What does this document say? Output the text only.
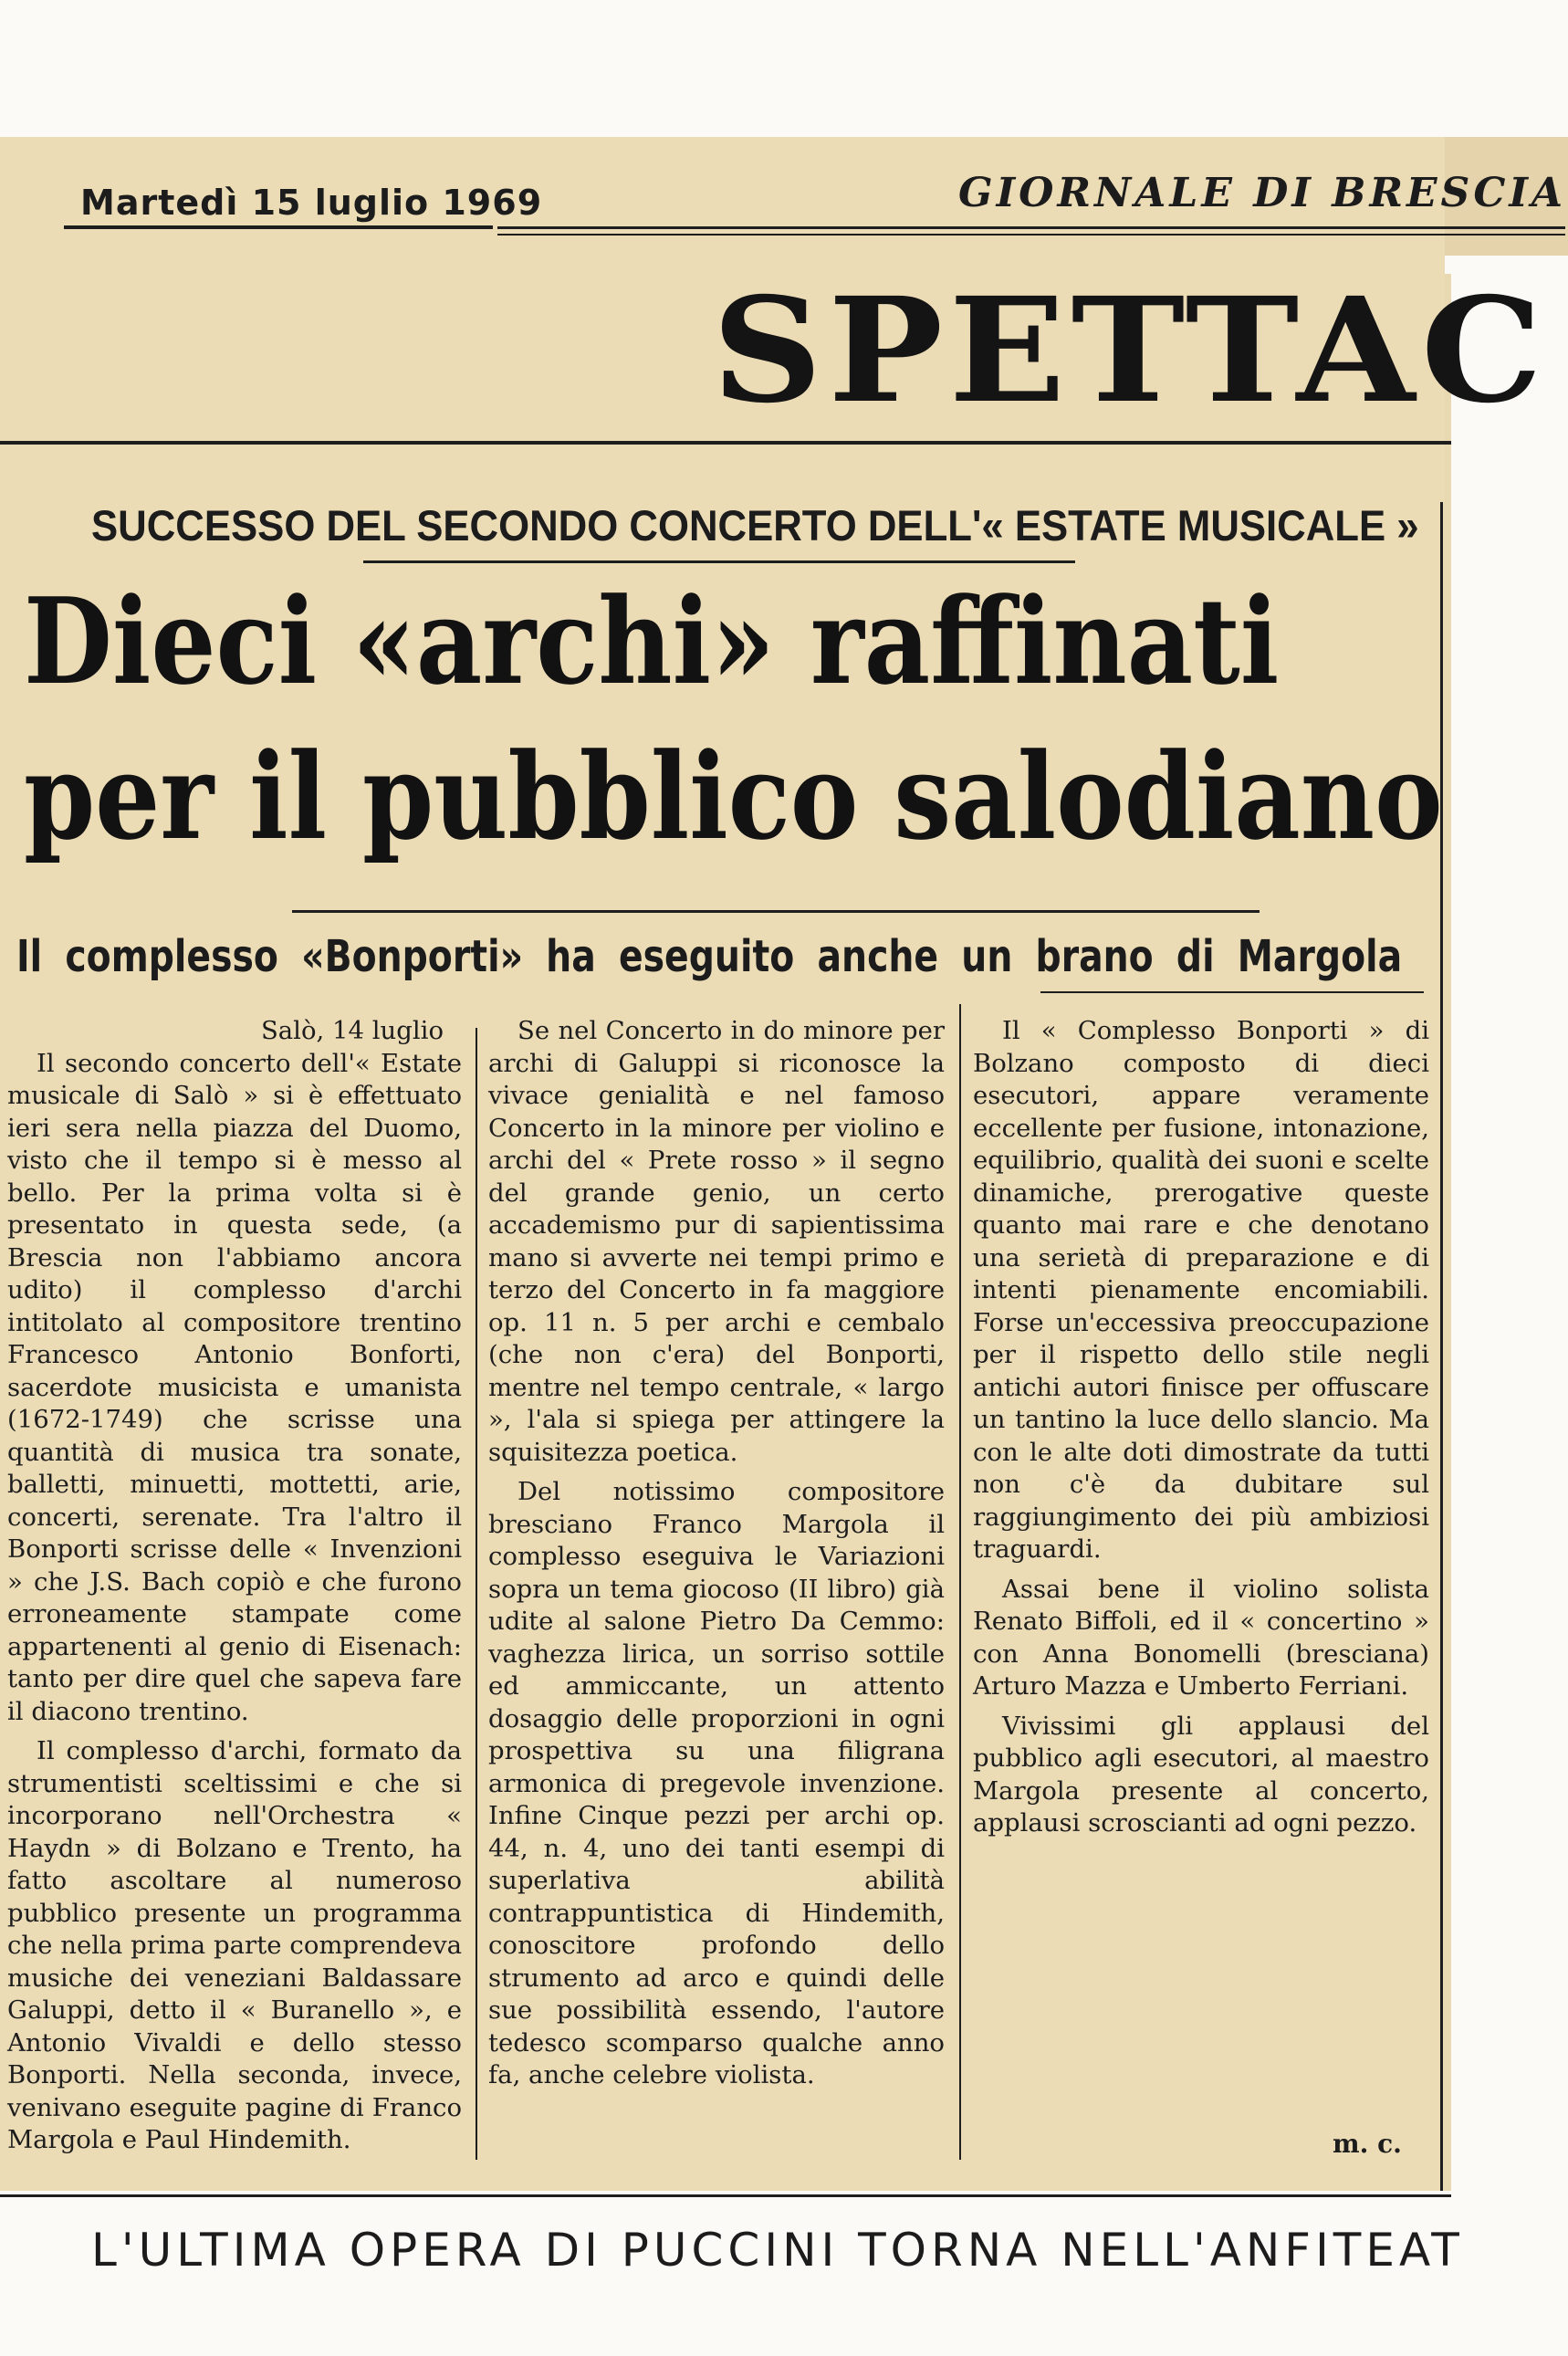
Martedì 15 luglio 1969	GIORNALE DI BRESCIA
SPETTAC
SUCCESSO DEL SECONDO CONCERTO DELL'« ESTATE MUSICALE »
Dieci «archi» raffinati
per il pubblico salodiano
Il complesso «Bonporti» ha eseguito anche un brano di Margola
Salò, 14 luglio

Il secondo concerto dell'« Estate musicale di Salò » si è effettuato ieri sera nella piazza del Duomo, visto che il tempo si è messo al bello. Per la prima volta si è presentato in questa sede, (a Brescia non l'abbiamo ancora udito) il complesso d'archi intitolato al compositore trentino Francesco Antonio Bonforti, sacerdote musicista e umanista (1672-1749) che scrisse una quantità di musica tra sonate, balletti, minuetti, mottetti, arie, concerti, serenate. Tra l'altro il Bonporti scrisse delle « Invenzioni » che J.S. Bach copiò e che furono erroneamente stampate come appartenenti al genio di Eisenach: tanto per dire quel che sapeva fare il diacono trentino.

Il complesso d'archi, formato da strumentisti sceltissimi e che si incorporano nell'Orchestra « Haydn » di Bolzano e Trento, ha fatto ascoltare al numeroso pubblico presente un programma che nella prima parte comprendeva musiche dei veneziani Baldassare Galuppi, detto il « Buranello », e Antonio Vivaldi e dello stesso Bonporti. Nella seconda, invece, venivano eseguite pagine di Franco Margola e Paul Hindemith.

Se nel Concerto in do minore per archi di Galuppi si riconosce la vivace genialità e nel famoso Concerto in la minore per violino e archi del « Prete rosso » il segno del grande genio, un certo accademismo pur di sapientissima mano si avverte nei tempi primo e terzo del Concerto in fa maggiore op. 11 n. 5 per archi e cembalo (che non c'era) del Bonporti, mentre nel tempo centrale, « largo », l'ala si spiega per attingere la squisitezza poetica.

Del notissimo compositore bresciano Franco Margola il complesso eseguiva le Variazioni sopra un tema giocoso (II libro) già udite al salone Pietro Da Cemmo: vaghezza lirica, un sorriso sottile ed ammiccante, un attento dosaggio delle proporzioni in ogni prospettiva su una filigrana armonica di pregevole invenzione. Infine Cinque pezzi per archi op. 44, n. 4, uno dei tanti esempi di superlativa abilità contrappuntistica di Hindemith, conoscitore profondo dello strumento ad arco e quindi delle sue possibilità essendo, l'autore tedesco scomparso qualche anno fa, anche celebre violista.

Il « Complesso Bonporti » di Bolzano composto di dieci esecutori, appare veramente eccellente per fusione, intonazione, equilibrio, qualità dei suoni e scelte dinamiche, prerogative queste quanto mai rare e che denotano una serietà di preparazione e di intenti pienamente encomiabili. Forse un'eccessiva preoccupazione per il rispetto dello stile negli antichi autori finisce per offuscare un tantino la luce dello slancio. Ma con le alte doti dimostrate da tutti non c'è da dubitare sul raggiungimento dei più ambiziosi traguardi.

Assai bene il violino solista Renato Biffoli, ed il « concertino » con Anna Bonomelli (bresciana) Arturo Mazza e Umberto Ferriani.

Vivissimi gli applausi del pubblico agli esecutori, al maestro Margola presente al concerto, applausi scroscianti ad ogni pezzo.

m. c.
L'ULTIMA OPERA DI PUCCINI TORNA NELL'ANFITEAT
